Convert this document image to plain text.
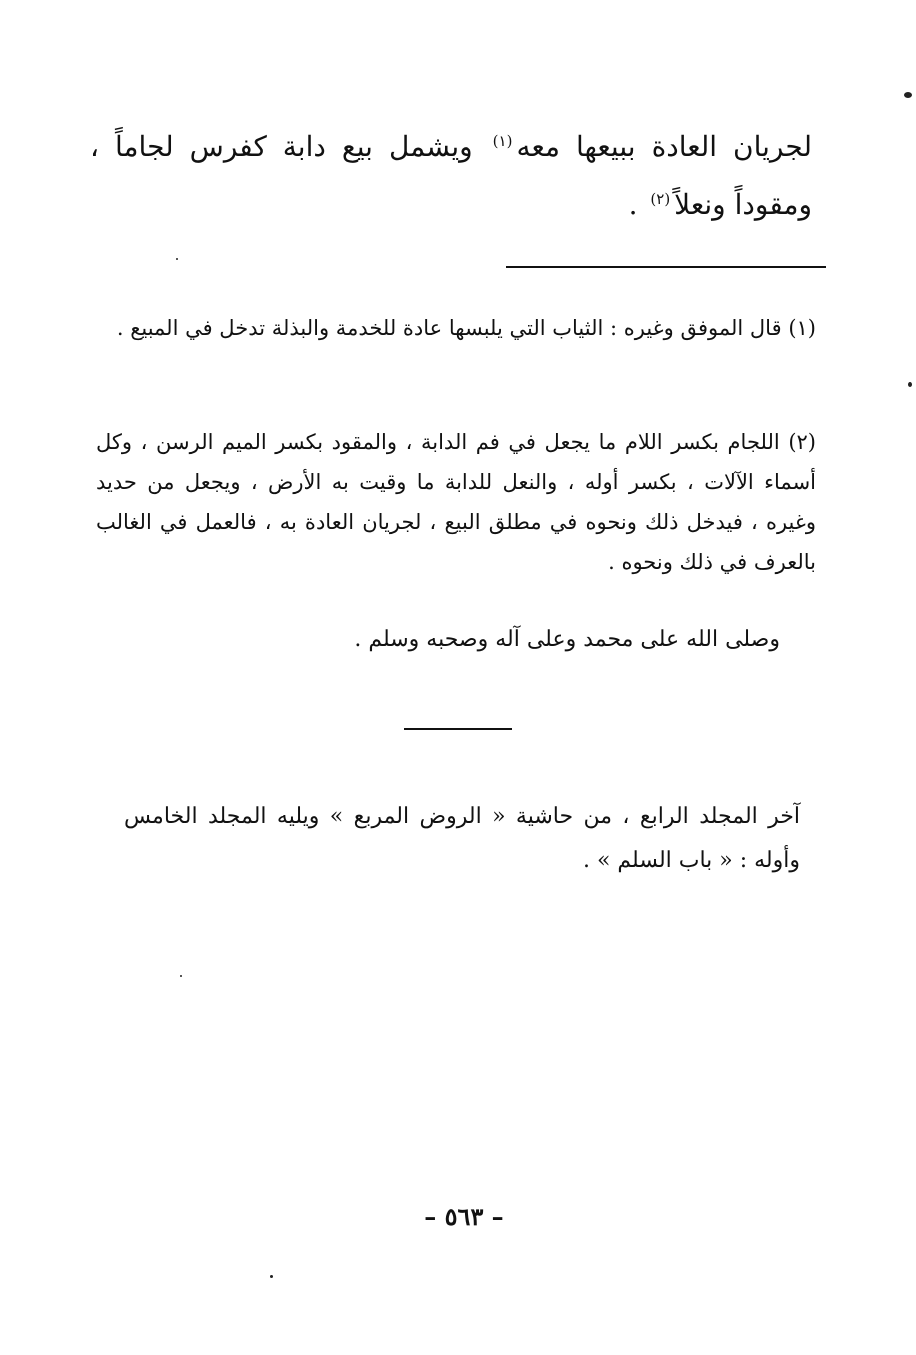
لجريان العادة ببيعها معه$^{(١)}$ ويشمل بيع دابة كفرس لجاماً ، ومقوداً ونعلاً$^{(٢)}$ .
(١) قال الموفق وغيره : الثياب التي يلبسها عادة للخدمة والبذلة تدخل في المبيع .
(٢) اللجام بكسر اللام ما يجعل في فم الدابة ، والمقود بكسر الميم الرسن ، وكل أسماء الآلات ، بكسر أوله ، والنعل للدابة ما وقيت به الأرض ، ويجعل من حديد وغيره ، فيدخل ذلك ونحوه في مطلق البيع ، لجريان العادة به ، فالعمل في الغالب بالعرف في ذلك ونحوه .
وصلى الله على محمد وعلى آله وصحبه وسلم .
آخر المجلد الرابع ، من حاشية « الروض المربع » ويليه المجلد الخامس وأوله : « باب السلم » .
– ٥٦٣ –
